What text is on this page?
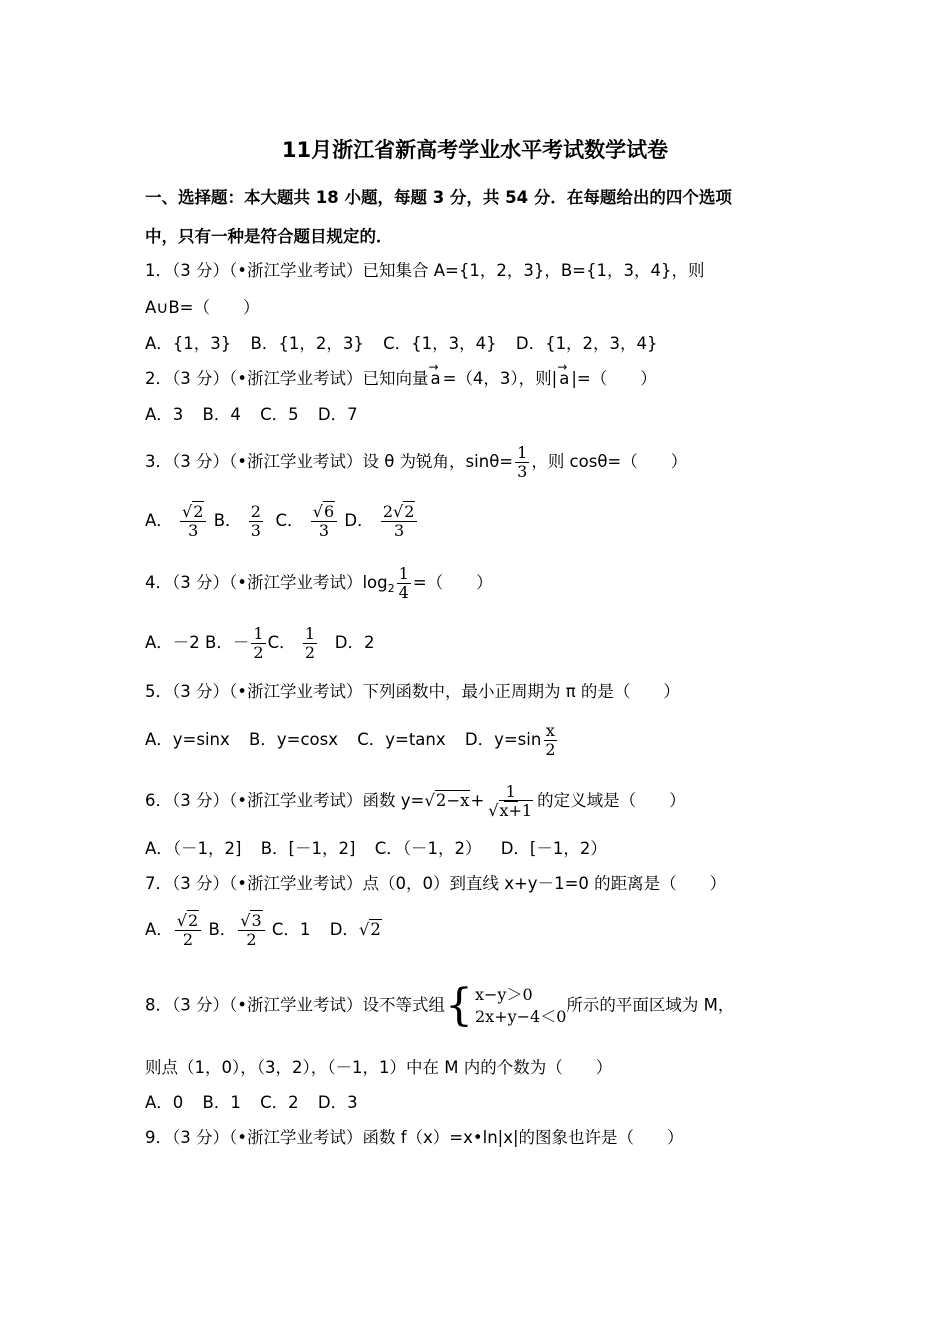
11月浙江省新高考学业水平考试数学试卷
一、选择题：本大题共 18 小题，每题 3 分，共 54 分．在每题给出的四个选项
中，只有一种是符合题目规定的．
1．（3 分）（•浙江学业考试）已知集合 A={1，2，3}，B={1，3，4}，则
A∪B=（　　）
A．{1，3} B．{1，2，3} C．{1，3，4} D．{1，2，3，4}
2．（3 分）（•浙江学业考试）已知向量 → a =（4，3），则| → a |=（　　）
A．3 B．4 C．5 D．7
3．（3 分）（•浙江学业考试）设 θ 为锐角，$\sin\theta= \frac{1}{3}$ ，则 cosθ=（　　）
A． $\frac{√2}{3}$ B． $\frac{2}{3}$ C． $\frac{√6}{3}$ D． $\frac{2√2}{3}$
4．（3 分）（•浙江学业考试）$\log_2 \frac{1}{4}$ =（　　）
A．－2 B．－ $\frac{1}{2}$ C． $\frac{1}{2}$ D．2
5．（3 分）（•浙江学业考试）下列函数中，最小正周期为 π 的是（　　）
A．y=sinx B．y=cosx C．y=tanx D．$y=\sin \frac{x}{2}$
6．（3 分）（•浙江学业考试）函数 $y=√2-x+ \frac{1}{√x+1}$ 的定义域是（　　）
A．（－1，2] B．[－1，2] C．（－1，2） D．[－1，2）
7．（3 分）（•浙江学业考试）点（0，0）到直线 x+y－1=0 的距离是（　　）
A． $\frac{√2}{2}$ B． $\frac{√3}{2}$ C．1 D．√2
8．（3 分）（•浙江学业考试）设不等式组 { x−y＞0
2x+y−4＜0
所示的平面区域为 M，
则点（1，0），（3，2），（－1，1）中在 M 内的个数为（　　）
A．0 B．1 C．2 D．3
9．（3 分）（•浙江学业考试）函数 f（x）=x•ln|x|的图象也许是（　　）
